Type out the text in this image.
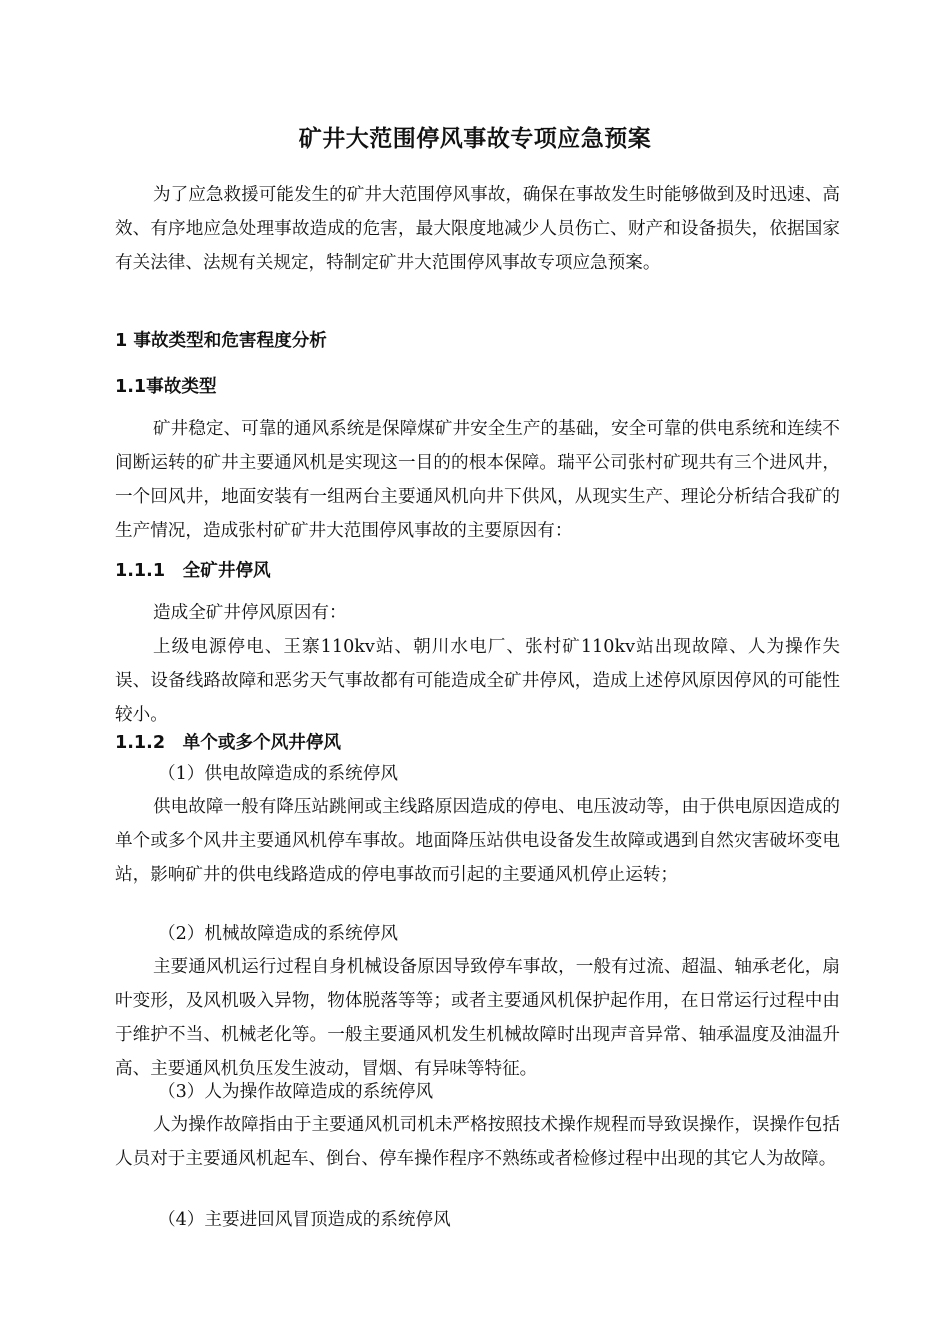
矿井大范围停风事故专项应急预案
为了应急救援可能发生的矿井大范围停风事故，确保在事故发生时能够做到及时迅速、高效、有序地应急处理事故造成的危害，最大限度地减少人员伤亡、财产和设备损失，依据国家有关法律、法规有关规定，特制定矿井大范围停风事故专项应急预案。
1 事故类型和危害程度分析
1.1事故类型
矿井稳定、可靠的通风系统是保障煤矿井安全生产的基础，安全可靠的供电系统和连续不间断运转的矿井主要通风机是实现这一目的的根本保障。瑞平公司张村矿现共有三个进风井，一个回风井，地面安装有一组两台主要通风机向井下供风，从现实生产、理论分析结合我矿的生产情况，造成张村矿矿井大范围停风事故的主要原因有：
1.1.1　全矿井停风
造成全矿井停风原因有：
上级电源停电、王寨110kv站、朝川水电厂、张村矿110kv站出现故障、人为操作失误、设备线路故障和恶劣天气事故都有可能造成全矿井停风，造成上述停风原因停风的可能性较小。
1.1.2　单个或多个风井停风
（1）供电故障造成的系统停风
供电故障一般有降压站跳闸或主线路原因造成的停电、电压波动等，由于供电原因造成的单个或多个风井主要通风机停车事故。地面降压站供电设备发生故障或遇到自然灾害破坏变电站，影响矿井的供电线路造成的停电事故而引起的主要通风机停止运转；
（2）机械故障造成的系统停风
主要通风机运行过程自身机械设备原因导致停车事故，一般有过流、超温、轴承老化，扇叶变形，及风机吸入异物，物体脱落等等；或者主要通风机保护起作用，在日常运行过程中由于维护不当、机械老化等。一般主要通风机发生机械故障时出现声音异常、轴承温度及油温升高、主要通风机负压发生波动，冒烟、有异味等特征。
（3）人为操作故障造成的系统停风
人为操作故障指由于主要通风机司机未严格按照技术操作规程而导致误操作，误操作包括人员对于主要通风机起车、倒台、停车操作程序不熟练或者检修过程中出现的其它人为故障。
（4）主要进回风冒顶造成的系统停风
